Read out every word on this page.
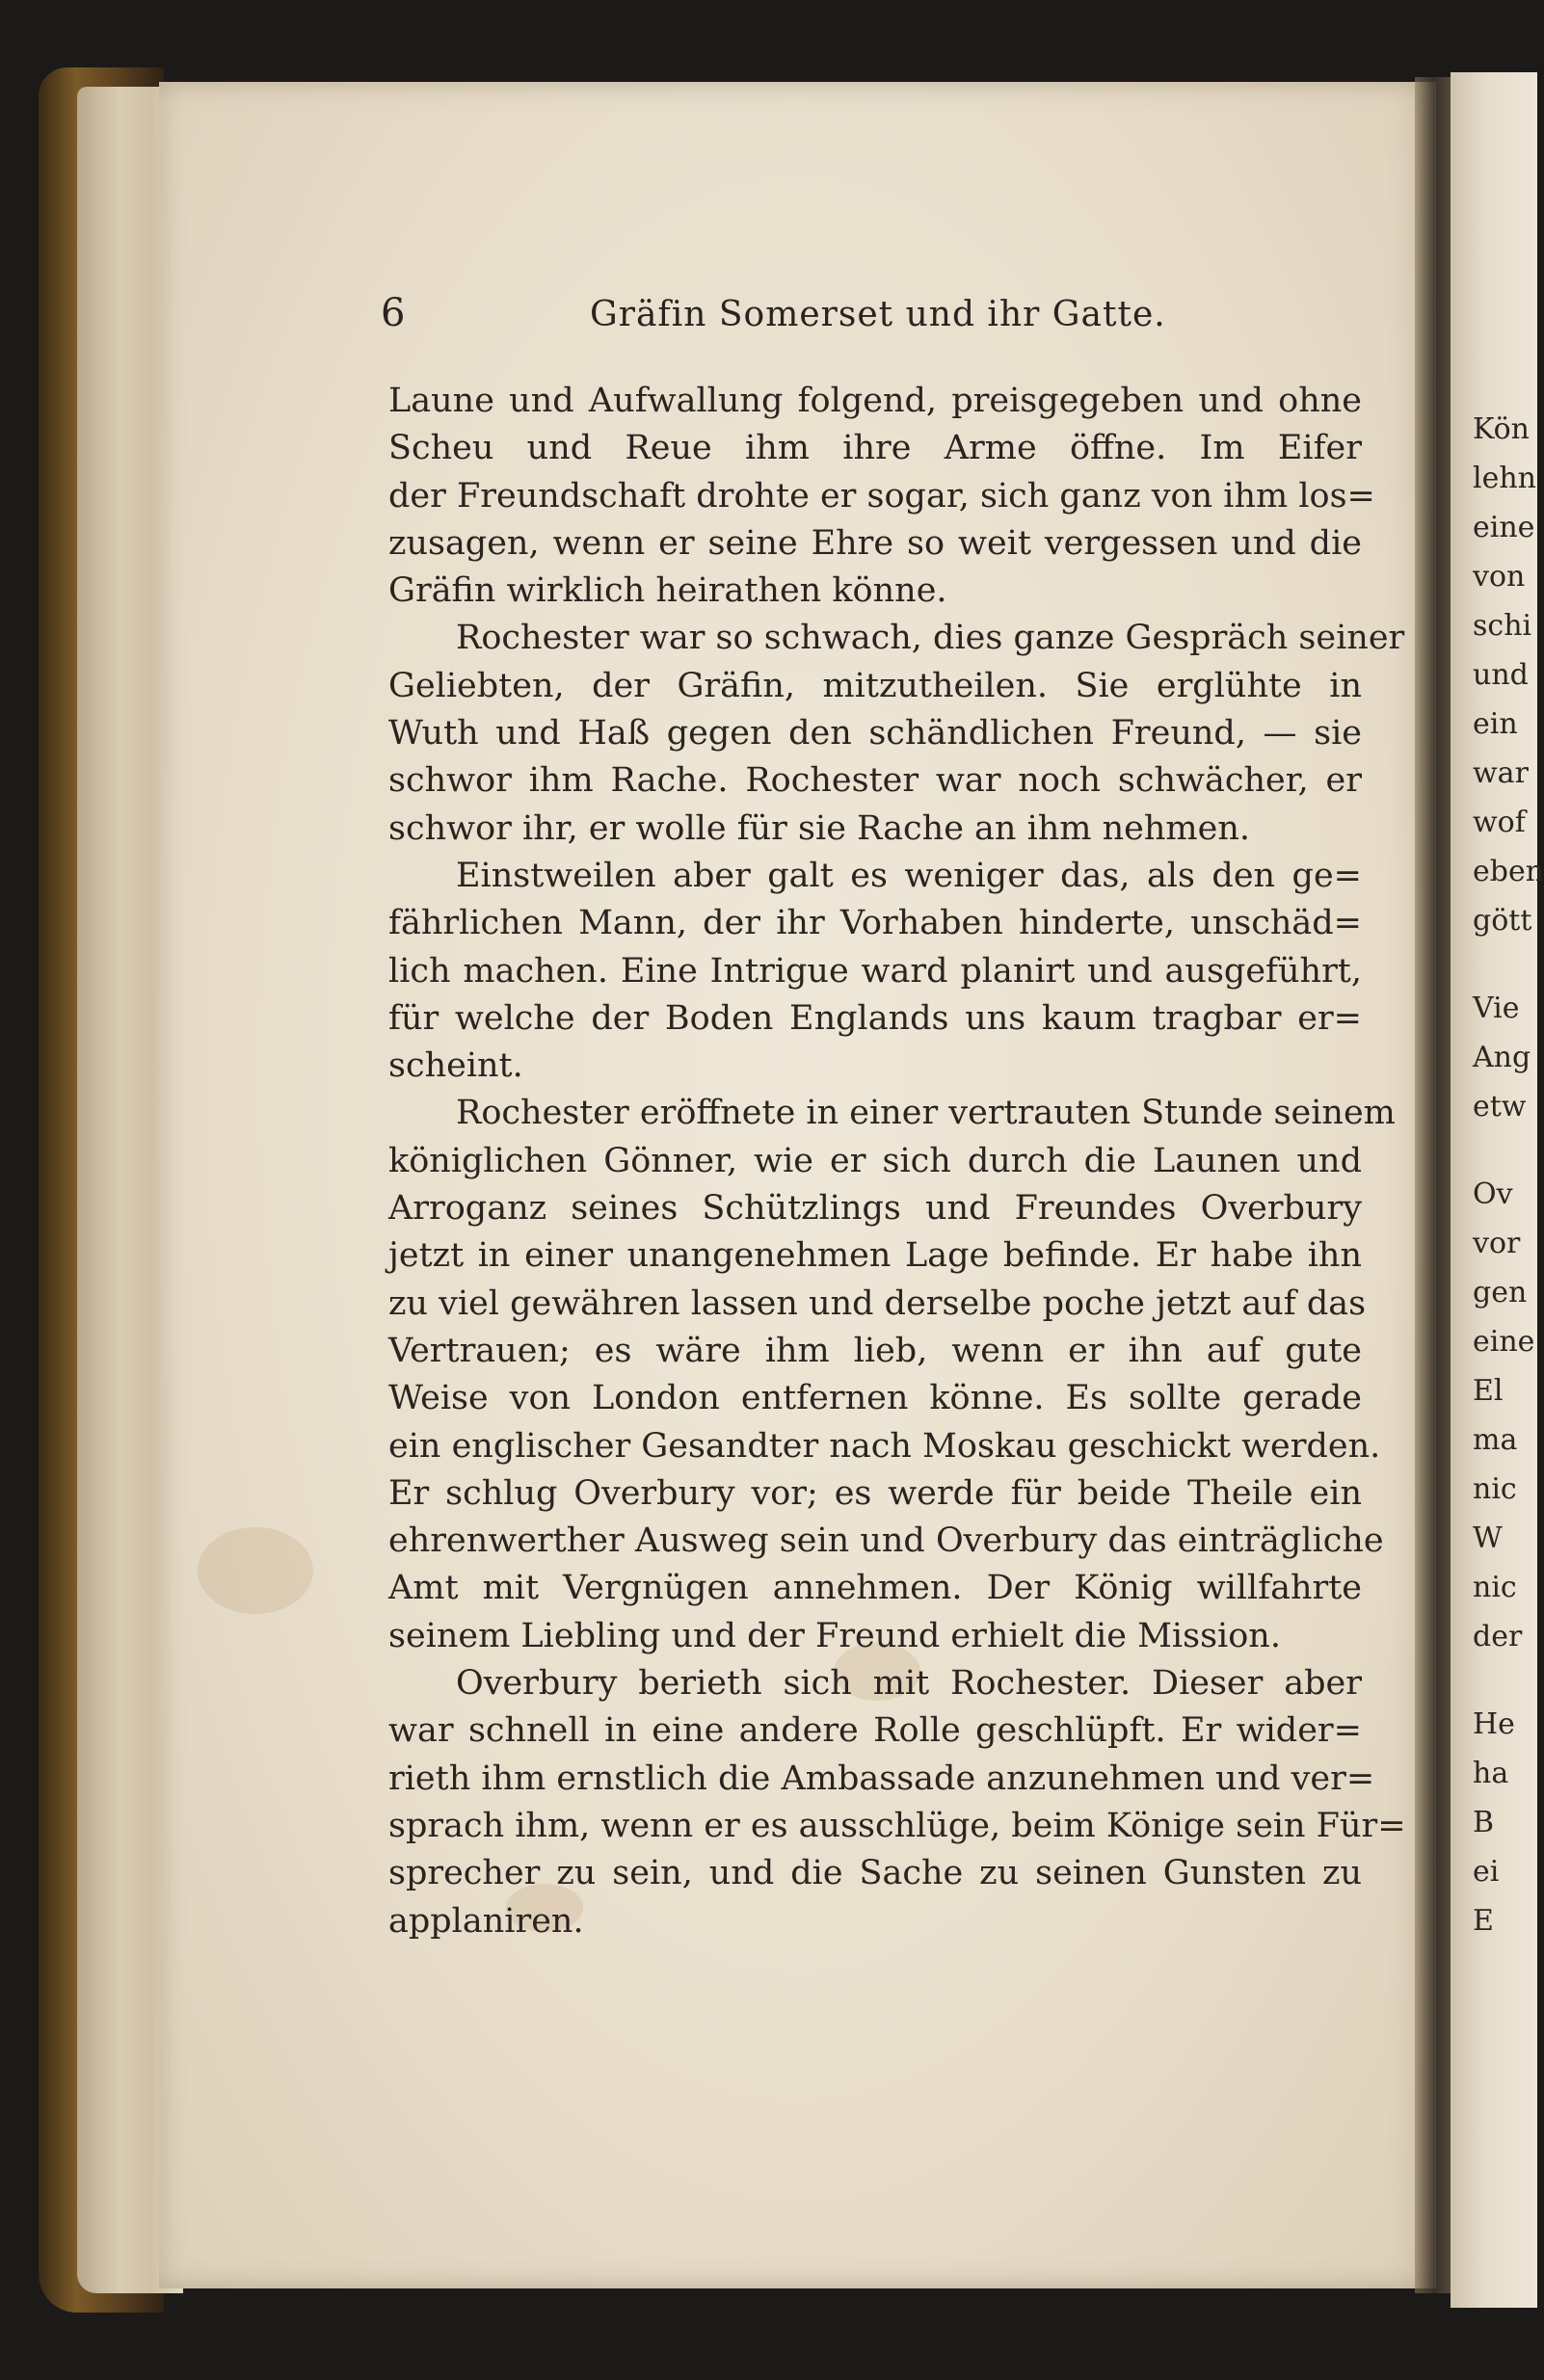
Kön
lehn
eine
von
schi
und
ein
war
wof
eben
gött
Vie
Ang
etw
Ov
vor
gen
eine
El
ma
nic
W
nic
der
He
ha
B
ei
E
6	Gräfin Somerset und ihr Gatte.
Laune und Aufwallung folgend, preisgegeben und ohne
Scheu und Reue ihm ihre Arme öffne. Im Eifer
der Freundschaft drohte er sogar, sich ganz von ihm los=
zusagen, wenn er seine Ehre so weit vergessen und die
Gräfin wirklich heirathen könne.
Rochester war so schwach, dies ganze Gespräch seiner
Geliebten, der Gräfin, mitzutheilen. Sie erglühte in
Wuth und Haß gegen den schändlichen Freund, — sie
schwor ihm Rache. Rochester war noch schwächer, er
schwor ihr, er wolle für sie Rache an ihm nehmen.
Einstweilen aber galt es weniger das, als den ge=
fährlichen Mann, der ihr Vorhaben hinderte, unschäd=
lich machen. Eine Intrigue ward planirt und ausgeführt,
für welche der Boden Englands uns kaum tragbar er=
scheint.
Rochester eröffnete in einer vertrauten Stunde seinem
königlichen Gönner, wie er sich durch die Launen und
Arroganz seines Schützlings und Freundes Overbury
jetzt in einer unangenehmen Lage befinde. Er habe ihn
zu viel gewähren lassen und derselbe poche jetzt auf das
Vertrauen; es wäre ihm lieb, wenn er ihn auf gute
Weise von London entfernen könne. Es sollte gerade
ein englischer Gesandter nach Moskau geschickt werden.
Er schlug Overbury vor; es werde für beide Theile ein
ehrenwerther Ausweg sein und Overbury das einträgliche
Amt mit Vergnügen annehmen. Der König willfahrte
seinem Liebling und der Freund erhielt die Mission.
Overbury berieth sich mit Rochester. Dieser aber
war schnell in eine andere Rolle geschlüpft. Er wider=
rieth ihm ernstlich die Ambassade anzunehmen und ver=
sprach ihm, wenn er es ausschlüge, beim Könige sein Für=
sprecher zu sein, und die Sache zu seinen Gunsten zu
applaniren.
